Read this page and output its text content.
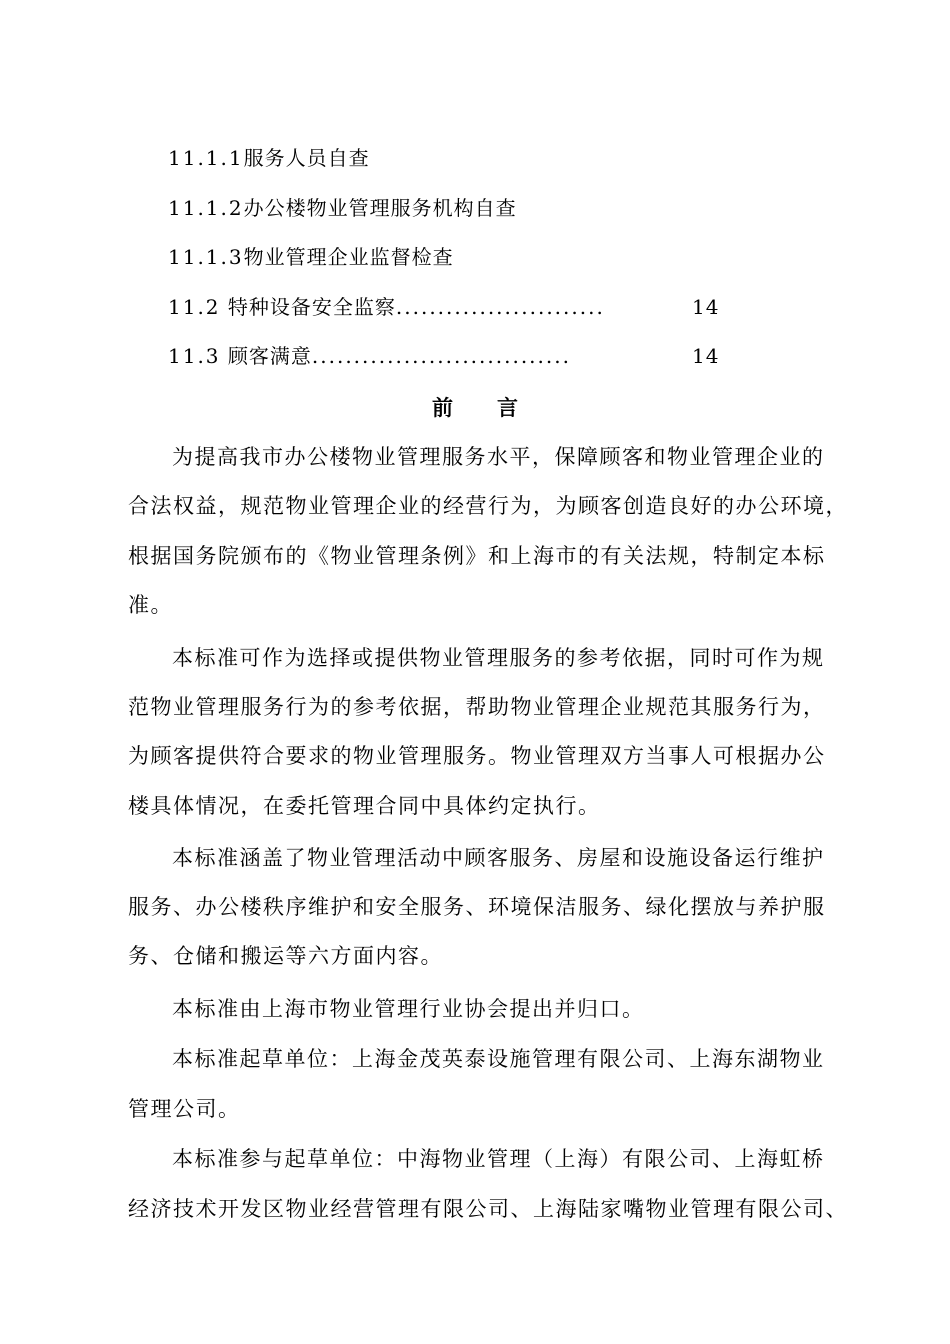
11.1.1服务人员自查
11.1.2办公楼物业管理服务机构自查
11.1.3物业管理企业监督检查
11.2 特种设备安全监察.........................	14
11.3 顾客满意...............................	14
前 言
为提高我市办公楼物业管理服务水平，保障顾客和物业管理企业的
合法权益，规范物业管理企业的经营行为，为顾客创造良好的办公环境，
根据国务院颁布的《物业管理条例》和上海市的有关法规，特制定本标
准。
本标准可作为选择或提供物业管理服务的参考依据，同时可作为规
范物业管理服务行为的参考依据，帮助物业管理企业规范其服务行为，
为顾客提供符合要求的物业管理服务。物业管理双方当事人可根据办公
楼具体情况，在委托管理合同中具体约定执行。
本标准涵盖了物业管理活动中顾客服务、房屋和设施设备运行维护
服务、办公楼秩序维护和安全服务、环境保洁服务、绿化摆放与养护服
务、仓储和搬运等六方面内容。
本标准由上海市物业管理行业协会提出并归口。
本标准起草单位：上海金茂英泰设施管理有限公司、上海东湖物业
管理公司。
本标准参与起草单位：中海物业管理（上海）有限公司、上海虹桥
经济技术开发区物业经营管理有限公司、上海陆家嘴物业管理有限公司、
